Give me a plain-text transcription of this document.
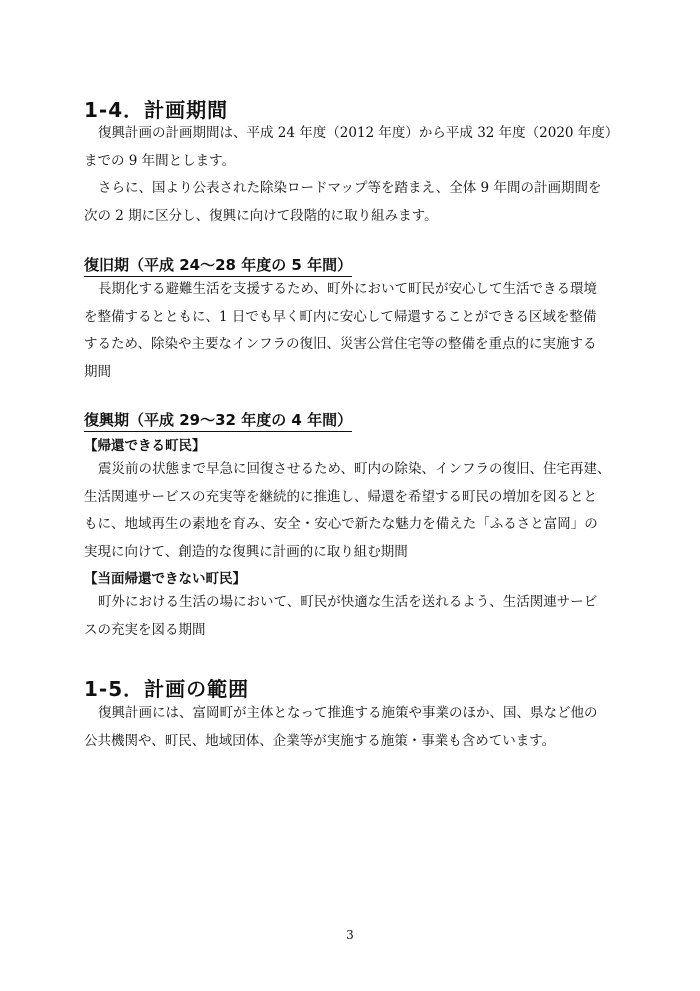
1-4．計画期間
復興計画の計画期間は、平成 24 年度（2012 年度）から平成 32 年度（2020 年度）
までの 9 年間とします。
さらに、国より公表された除染ロードマップ等を踏まえ、全体 9 年間の計画期間を
次の 2 期に区分し、復興に向けて段階的に取り組みます。
復旧期（平成 24～28 年度の 5 年間）
長期化する避難生活を支援するため、町外において町民が安心して生活できる環境
を整備するとともに、1 日でも早く町内に安心して帰還することができる区域を整備
するため、除染や主要なインフラの復旧、災害公営住宅等の整備を重点的に実施する
期間
復興期（平成 29～32 年度の 4 年間）
【帰還できる町民】
震災前の状態まで早急に回復させるため、町内の除染、インフラの復旧、住宅再建、
生活関連サービスの充実等を継続的に推進し、帰還を希望する町民の増加を図るとと
もに、地域再生の素地を育み、安全・安心で新たな魅力を備えた「ふるさと富岡」の
実現に向けて、創造的な復興に計画的に取り組む期間
【当面帰還できない町民】
町外における生活の場において、町民が快適な生活を送れるよう、生活関連サービ
スの充実を図る期間
1-5．計画の範囲
復興計画には、富岡町が主体となって推進する施策や事業のほか、国、県など他の
公共機関や、町民、地域団体、企業等が実施する施策・事業も含めています。
3
